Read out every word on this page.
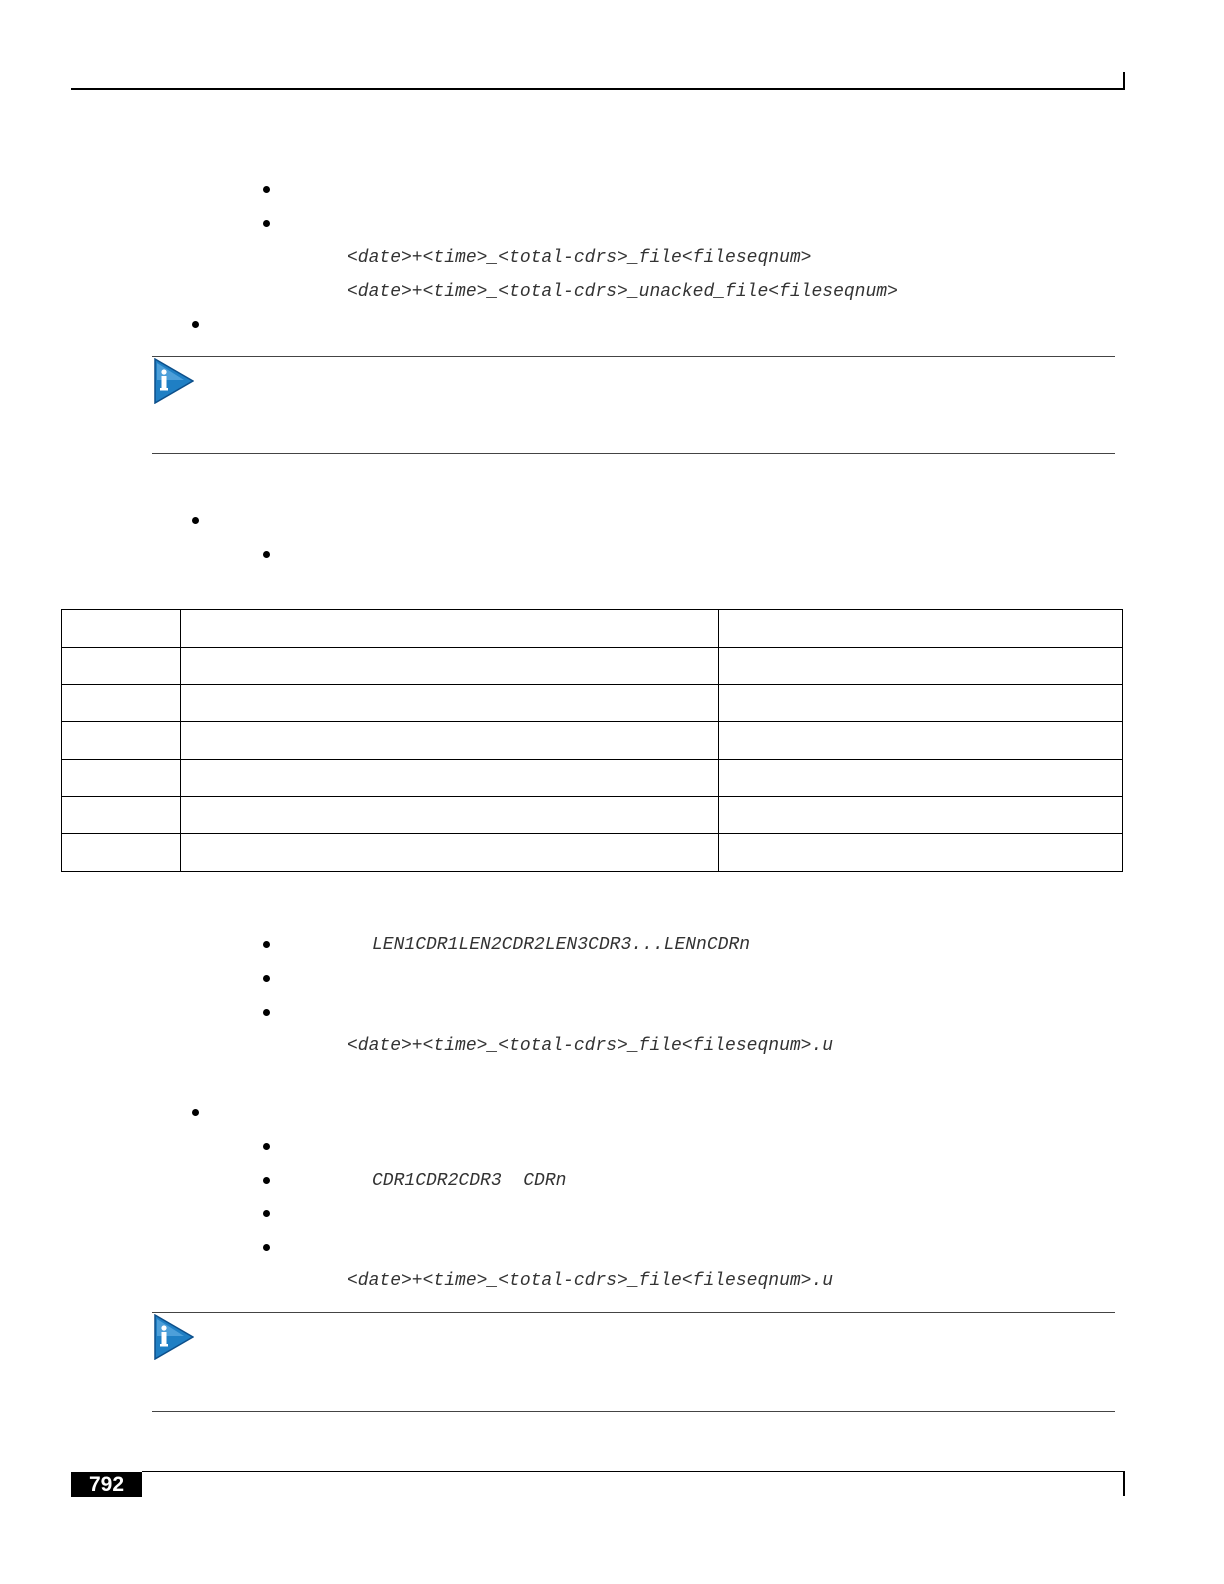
<date>+<time>_<total-cdrs>_file<fileseqnum>
<date>+<time>_<total-cdrs>_unacked_file<fileseqnum>

LEN1CDR1LEN2CDR2LEN3CDR3...LENnCDRn
<date>+<time>_<total-cdrs>_file<fileseqnum>.u
CDR1CDR2CDR3  CDRn
<date>+<time>_<total-cdrs>_file<fileseqnum>.u
792
